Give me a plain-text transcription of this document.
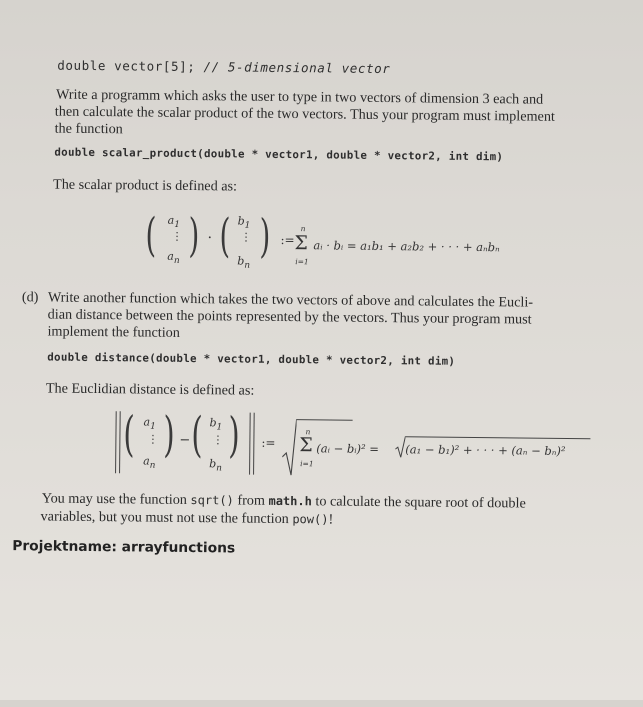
double vector[5]; // 5-dimensional vector
Write a programm which asks the user to type in two vectors of dimension 3 each and
then calculate the scalar product of the two vectors. Thus your program must implement
the function
double scalar_product(double * vector1, double * vector2, int dim)
The scalar product is defined as:
( $a_1$
⋮
$a_n$ ) · ( $b_1$
⋮
$b_n$
) :=
n
Σ
i=1
aᵢ · bᵢ = a₁b₁ + a₂b₂ + · · · + aₙbₙ
(d) Write another function which takes the two vectors of above and calculates the Eucli-
dian distance between the points represented by the vectors. Thus your program must
implement the function
double distance(double * vector1, double * vector2, int dim)
The Euclidian distance is defined as:
( $a_1$
⋮
$a_n$
) − ( $b_1$
⋮
$b_n$
) :=
n
Σ
i=1
(aᵢ − bᵢ)² = (a₁ − b₁)² + · · · + (aₙ − bₙ)²
You may use the function sqrt() from math.h to calculate the square root of double
variables, but you must not use the function pow()!
Projektname: arrayfunctions
